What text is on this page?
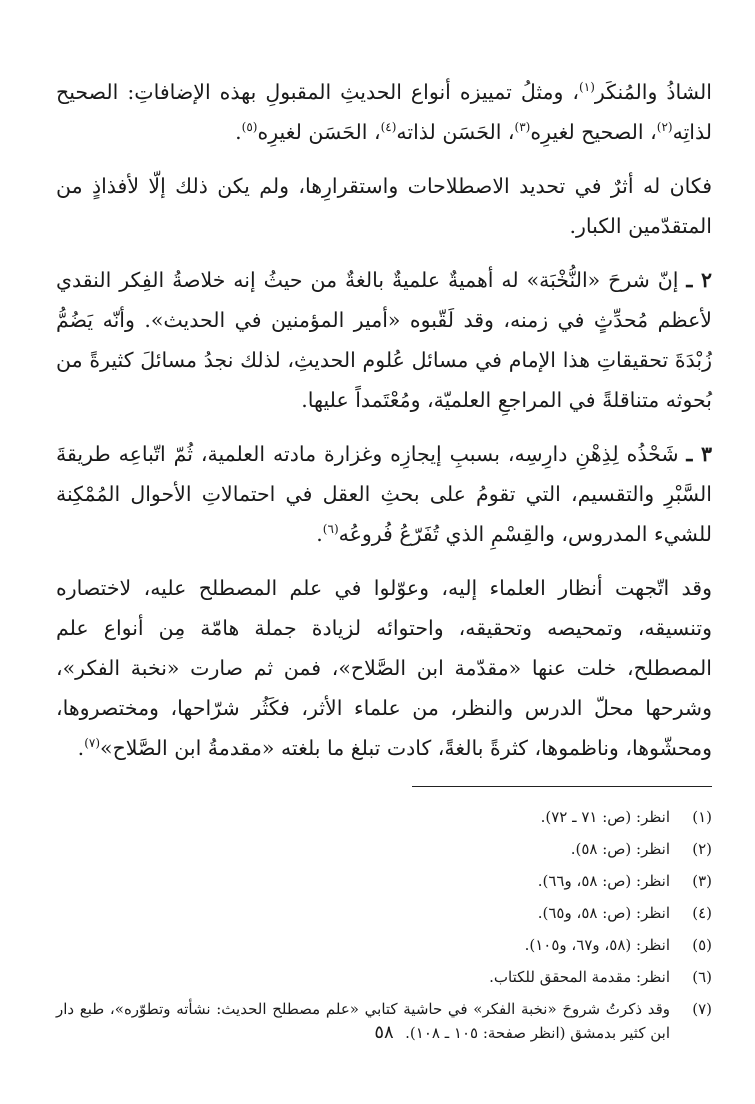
الشاذُ والمُنكَر$^{(١)}$، ومثلُ تمييزه أنواع الحديثِ المقبولِ بهذه الإضافاتِ: الصحيح لذاتِه$^{(٢)}$، الصحيح لغيرِه$^{(٣)}$، الحَسَن لذاته$^{(٤)}$، الحَسَن لغيرِه$^{(٥)}$.

فكان له أثرٌ في تحديد الاصطلاحات واستقرارِها، ولم يكن ذلك إلّا لأفذاذٍ من المتقدّمين الكبار.

٢ ـ إنّ شرحَ «النُّخْبَة» له أهميةٌ علميةٌ بالغةٌ من حيثُ إنه خلاصةُ الفِكر النقدي لأعظم مُحدِّثٍ في زمنه، وقد لَقّبوه «أمير المؤمنين في الحديث». وأنّه يَضُمُّ زُبْدَةَ تحقيقاتِ هذا الإمام في مسائل عُلوم الحديثِ، لذلك نجدُ مسائلَ كثيرةً من بُحوثه متناقلةً في المراجعِ العلميّة، ومُعْتَمداً عليها.

٣ ـ شَحْذُه لِذِهْنِ دارِسِه، بسببِ إيجازِه وغزارة مادته العلمية، ثُمّ اتّباعِه طريقةَ السَّبْرِ والتقسيم، التي تقومُ على بحثِ العقل في احتمالاتِ الأحوال المُمْكِنة للشيء المدروس، والقِسْمِ الذي تُفَرّعُ فُروعُه$^{(٦)}$.

وقد اتّجهت أنظار العلماء إليه، وعوّلوا في علم المصطلح عليه، لاختصاره وتنسيقه، وتمحيصه وتحقيقه، واحتوائه لزيادة جملة هامّة مِن أنواع علم المصطلح، خلت عنها «مقدّمة ابن الصَّلاح»، فمن ثم صارت «نخبة الفكر»، وشرحها محلّ الدرس والنظر، من علماء الأثر، فكَثُر شرّاحها، ومختصروها، ومحشّوها، وناظموها، كثرةً بالغةً، كادت تبلغ ما بلغته «مقدمةُ ابن الصَّلاح»$^{(٧)}$.

(١)
انظر: (ص: ٧١ ـ ٧٢).
(٢)
انظر: (ص: ٥٨).
(٣)
انظر: (ص: ٥٨، و٦٦).
(٤)
انظر: (ص: ٥٨، و٦٥).
(٥)
انظر: (٥٨، و٦٧، و١٠٥).
(٦)
انظر: مقدمة المحقق للكتاب.
(٧)
وقد ذكرتُ شروحَ «نخبة الفكر» في حاشية كتابي «علم مصطلح الحديث: نشأته وتطوّره»، طبع دار ابن كثير بدمشق (انظر صفحة: ١٠٥ ـ ١٠٨).
٥٨
